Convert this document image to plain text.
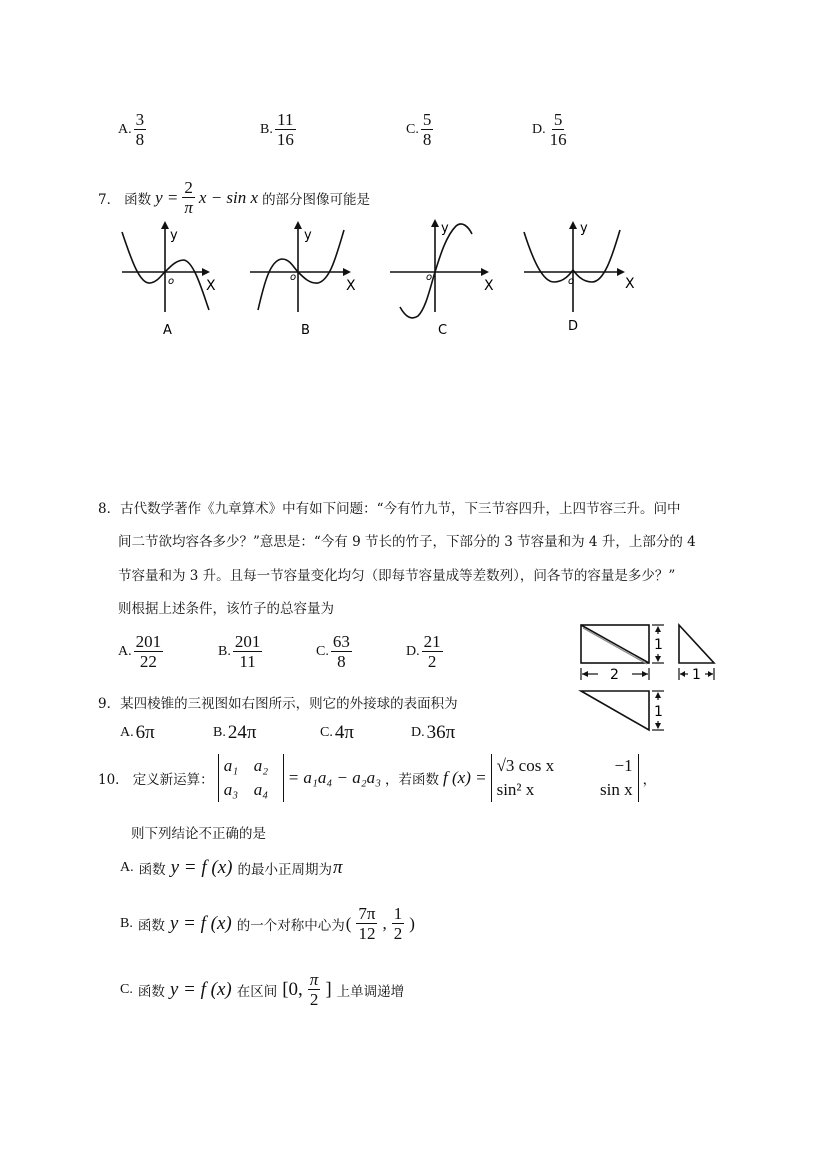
A. $\frac{3}{8}$	B. $\frac{11}{16}$	C. $\frac{5}{8}$	D. $\frac{5}{16}$
7． 函数 $y = \frac{2}{\pi}$ x − sin x 的部分图像可能是
y
o X
A
y
o
X
B
y
o
X
C
y
o	X
D
8．古代数学著作《九章算术》中有如下问题：“今有竹九节，下三节容四升，上四节容三升。问中
间二节欲均容各多少？”意思是：“今有 9 节长的竹子，下部分的 3 节容量和为 4 升，上部分的 4
节容量和为 3 升。且每一节容量变化均匀（即每节容量成等差数列），问各节的容量是多少？”
则根据上述条件，该竹子的总容量为
A. $\frac{201}{22}$	B. $\frac{201}{11}$	C. $\frac{63}{8}$	D. $\frac{21}{2}$	1
2	1
1
9．某四棱锥的三视图如右图所示，则它的外接球的表面积为
A. 6π	B. 24π	C. 4π	D. 36π
10． 定义新运算：
a₁ a₂
a₃ a₄
= a₁a₄ − a₂a₃ ，若函数 f (x) =
√3 cos x	−1
sin² x	sin x ，
则下列结论不正确的是
A. 函数 y = f (x) 的最小正周期为 π
B. 函数 y = f (x) 的一个对称中心为 ( $\frac{7\pi}{12}$ , $\frac{1}{2}$ )
C. 函数 y = f (x) 在区间 [0, $\frac{\pi}{2}$ ] 上单调递增
